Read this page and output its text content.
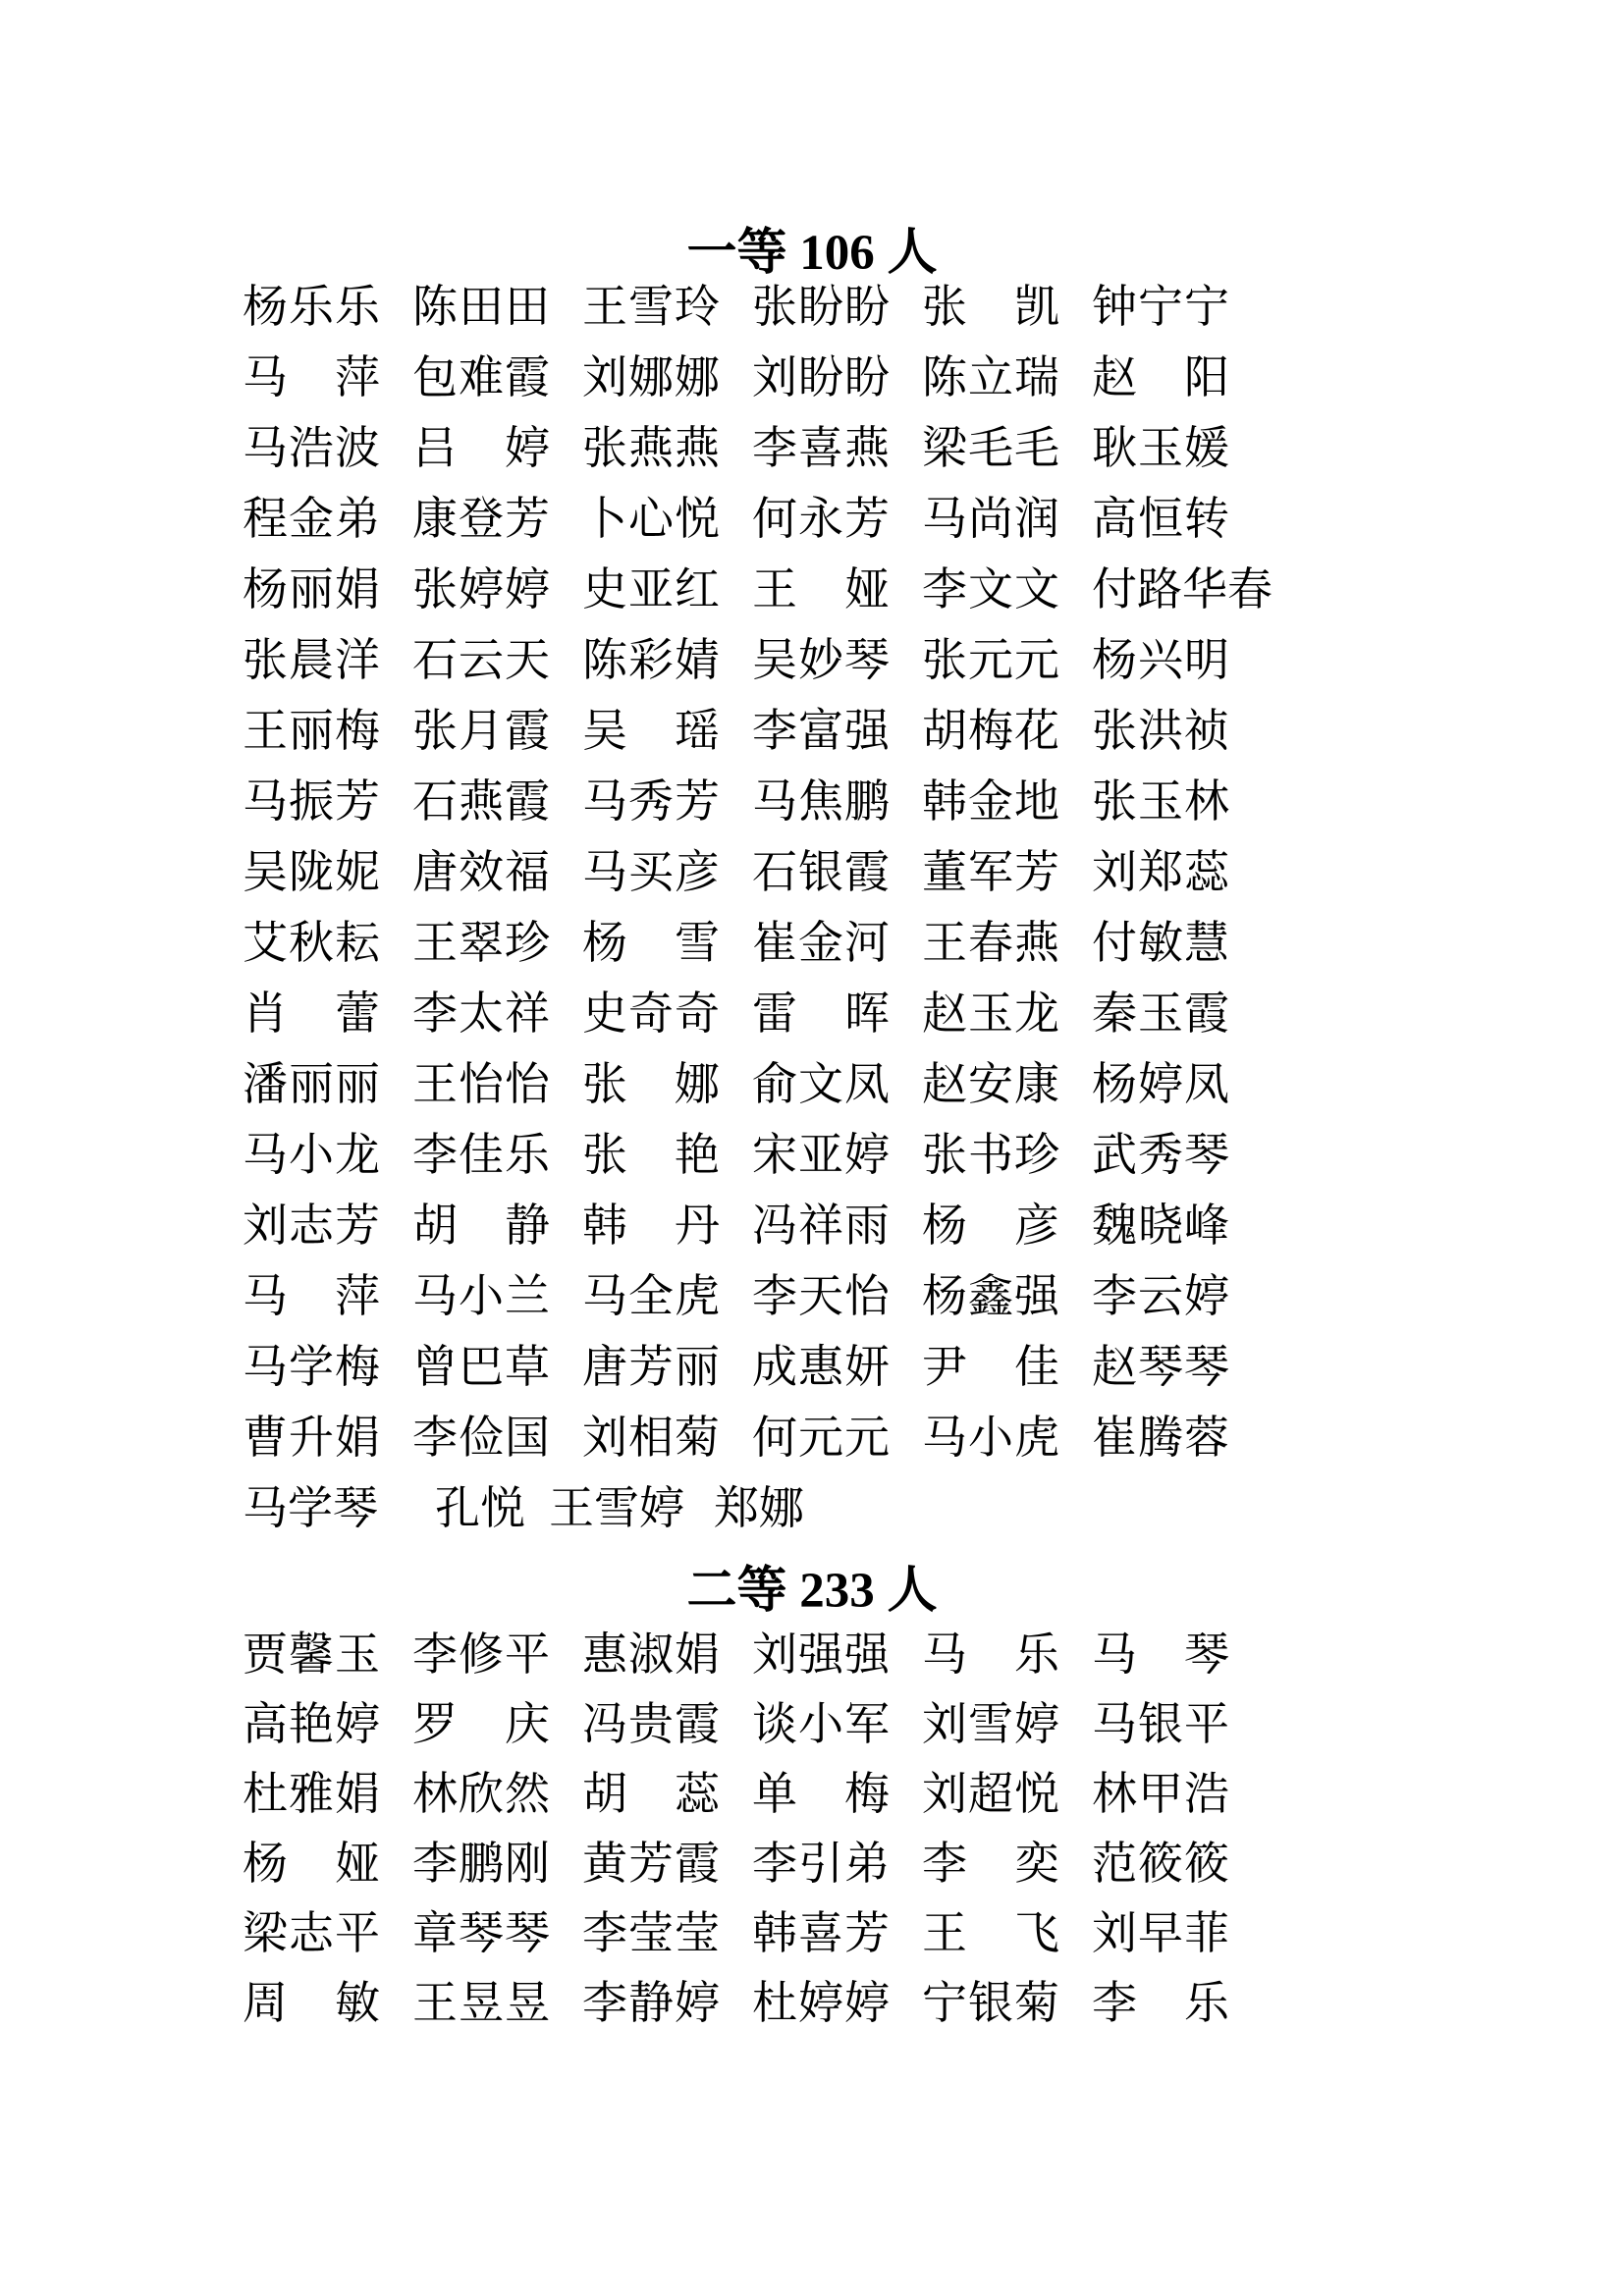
一等 106 人
杨乐乐 陈田田 王雪玲 张盼盼 张凯 钟宁宁
马萍 包难霞 刘娜娜 刘盼盼 陈立瑞 赵阳
马浩波 吕婷 张燕燕 李喜燕 梁毛毛 耿玉媛
程金弟 康登芳 卜心悦 何永芳 马尚润 高恒转
杨丽娟 张婷婷 史亚红 王娅 李文文 付路华春
张晨洋 石云天 陈彩婧 吴妙琴 张元元 杨兴明
王丽梅 张月霞 吴瑶 李富强 胡梅花 张洪祯
马振芳 石燕霞 马秀芳 马焦鹏 韩金地 张玉林
吴陇妮 唐效福 马买彦 石银霞 董军芳 刘郑蕊
艾秋耘 王翠珍 杨雪 崔金河 王春燕 付敏慧
肖蕾 李太祥 史奇奇 雷晖 赵玉龙 秦玉霞
潘丽丽 王怡怡 张娜 俞文凤 赵安康 杨婷凤
马小龙 李佳乐 张艳 宋亚婷 张书珍 武秀琴
刘志芳 胡静 韩丹 冯祥雨 杨彦 魏晓峰
马萍 马小兰 马全虎 李天怡 杨鑫强 李云婷
马学梅 曾巴草 唐芳丽 成惠妍 尹佳 赵琴琴
曹升娟 李俭国 刘相菊 何元元 马小虎 崔腾蓉
马学琴 孔悦 王雪婷 郑娜
二等 233 人
贾馨玉 李修平 惠淑娟 刘强强 马乐 马琴
高艳婷 罗庆 冯贵霞 谈小军 刘雪婷 马银平
杜雅娟 林欣然 胡蕊 单梅 刘超悦 林甲浩
杨娅 李鹏刚 黄芳霞 李引弟 李奕 范筱筱
梁志平 章琴琴 李莹莹 韩喜芳 王飞 刘早菲
周敏 王昱昱 李静婷 杜婷婷 宁银菊 李乐
